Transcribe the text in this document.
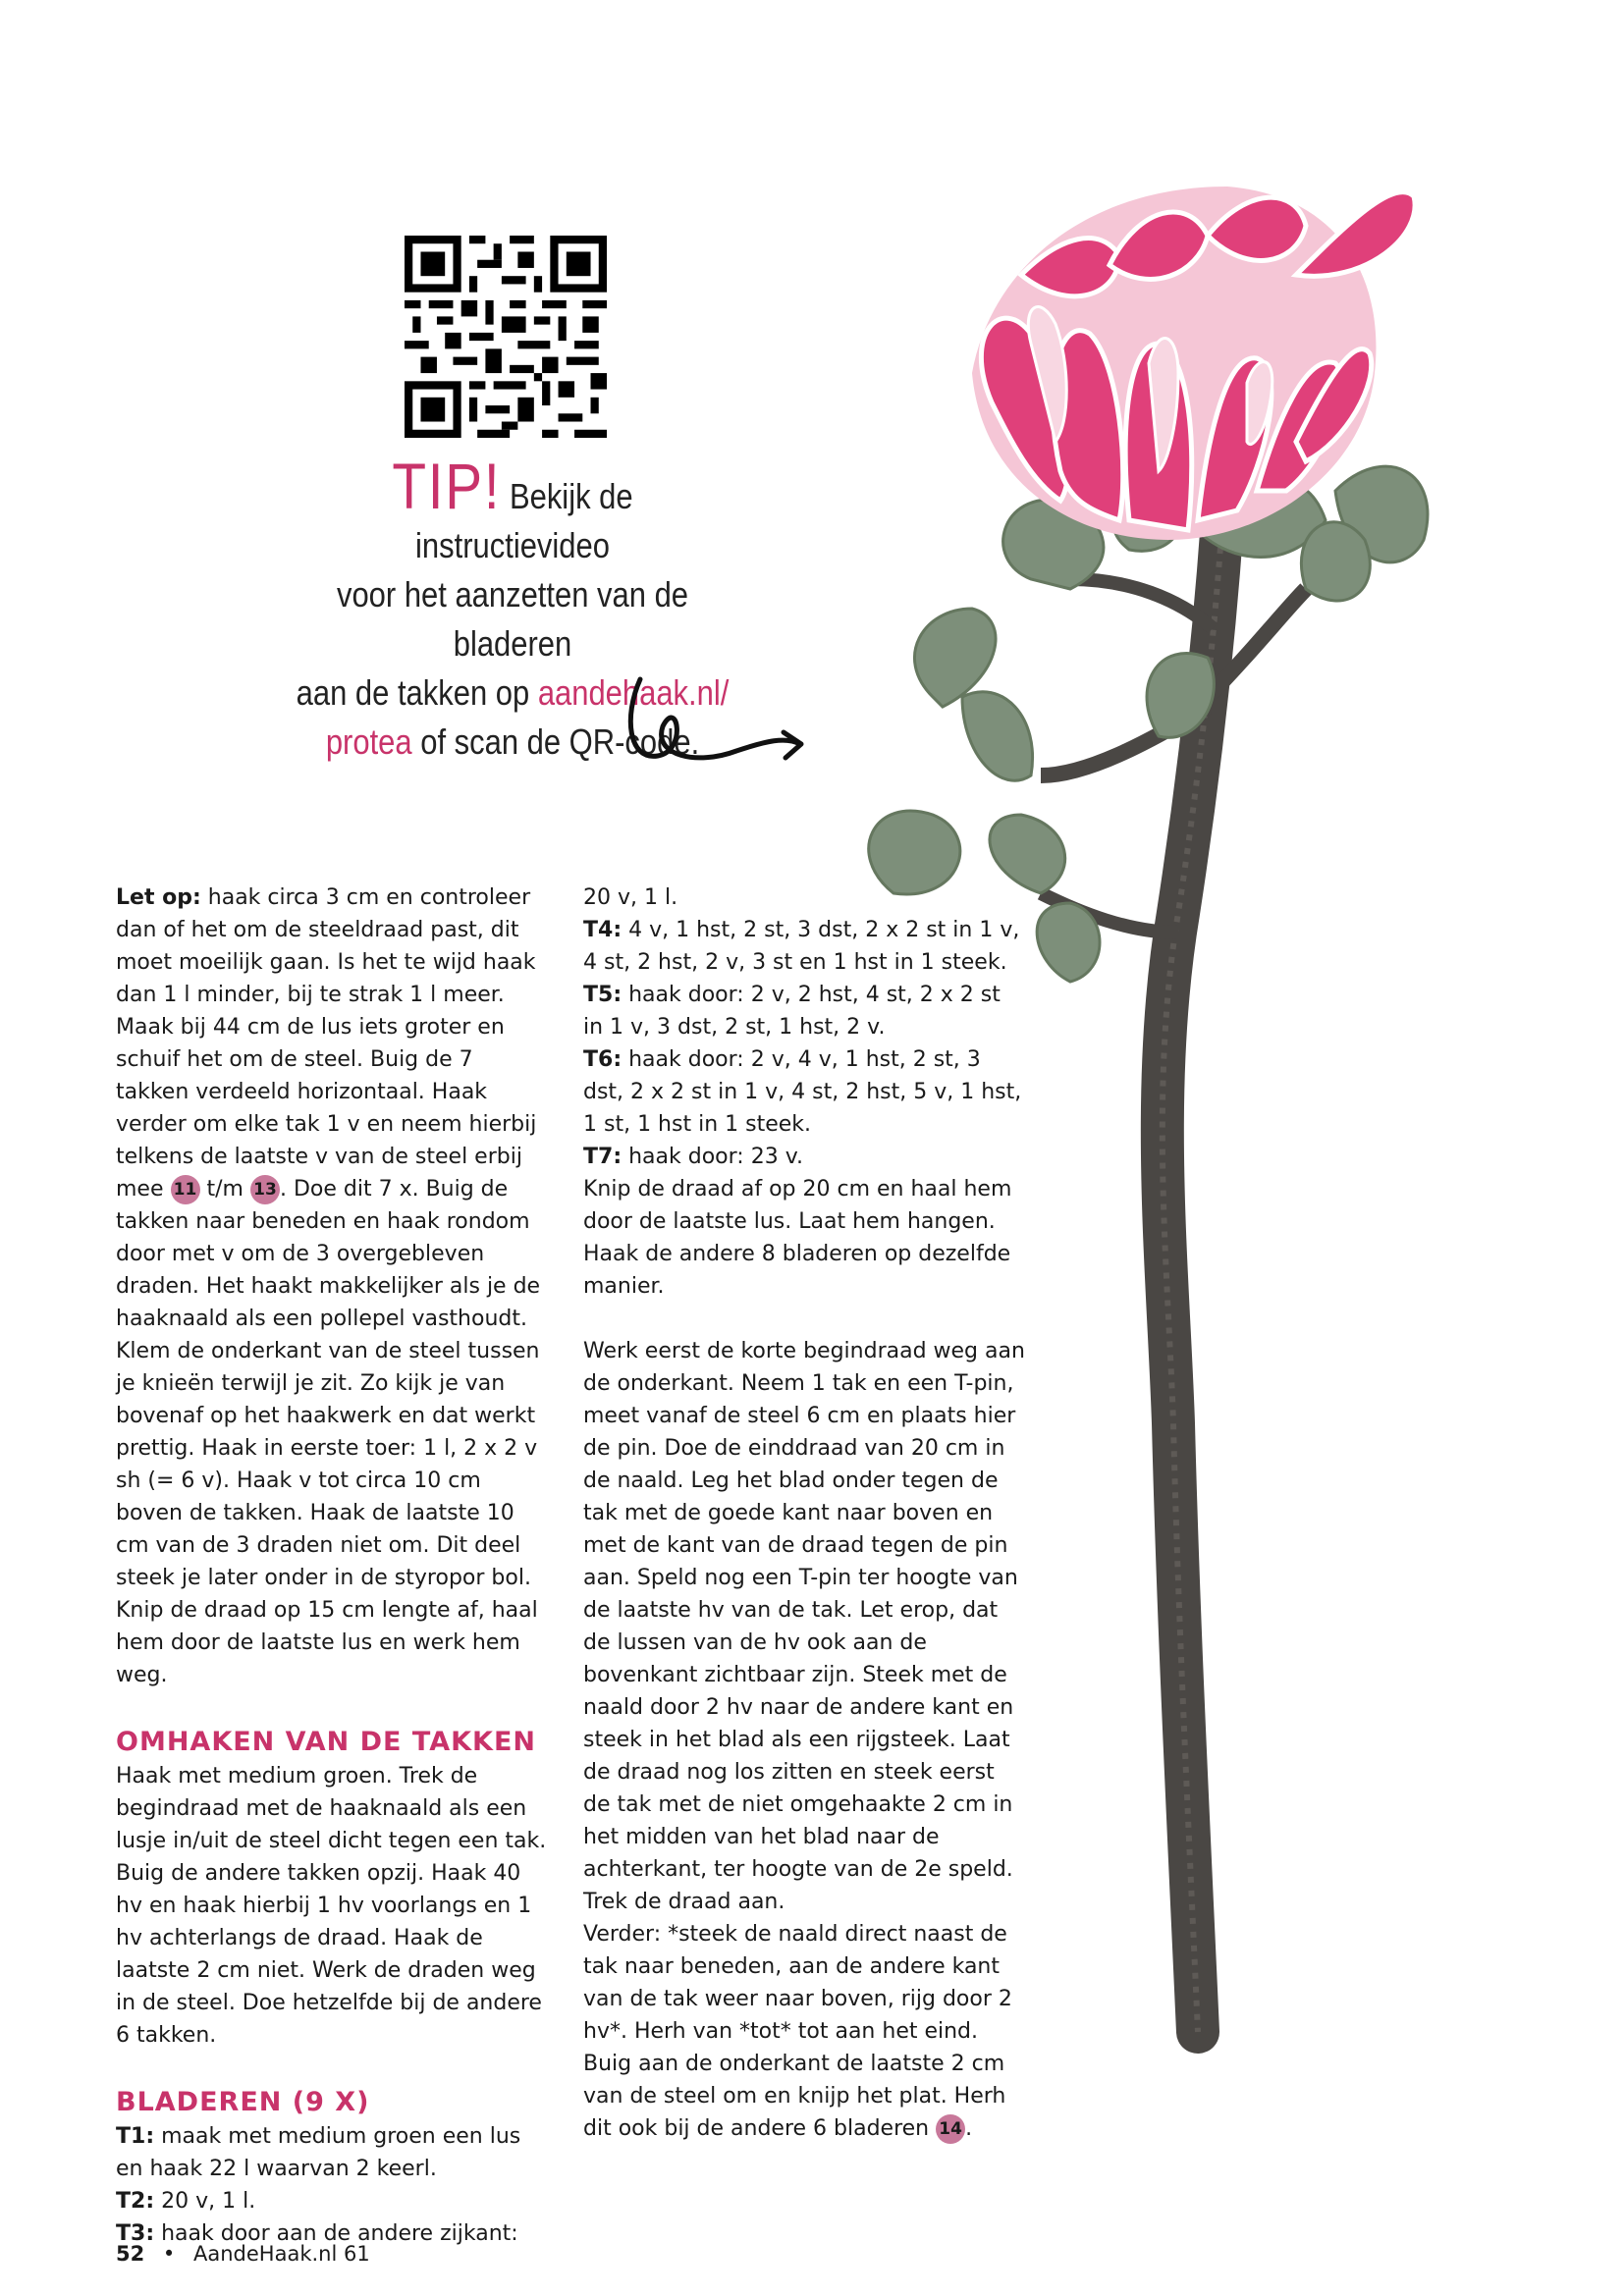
TIP! Bekijk de instructievideo
voor het aanzetten van de bladeren
aan de takken op aandehaak.nl/
protea of scan de QR-code.

Let op: haak circa 3 cm en controleer dan of het om de steeldraad past, dit moet moeilijk gaan. Is het te wijd haak dan 1 l minder, bij te strak 1 l meer. Maak bij 44 cm de lus iets groter en schuif het om de steel. Buig de 7 takken verdeeld horizontaal. Haak verder om elke tak 1 v en neem hierbij telkens de laatste v van de steel erbij mee 11 t/m 13 . Doe dit 7 x. Buig de takken naar beneden en haak rondom door met v om de 3 overgebleven draden. Het haakt makkelijker als je de haaknaald als een pollepel vasthoudt. Klem de onderkant van de steel tussen je knieën terwijl je zit. Zo kijk je van bovenaf op het haakwerk en dat werkt prettig. Haak in eerste toer: 1 l, 2 x 2 v sh (= 6 v). Haak v tot circa 10 cm boven de takken. Haak de laatste 10 cm van de 3 draden niet om. Dit deel steek je later onder in de styropor bol. Knip de draad op 15 cm lengte af, haal hem door de laatste lus en werk hem weg.

OMHAKEN VAN DE TAKKEN

Haak met medium groen. Trek de begindraad met de haaknaald als een lusje in/uit de steel dicht tegen een tak. Buig de andere takken opzij. Haak 40 hv en haak hierbij 1 hv voorlangs en 1 hv achterlangs de draad. Haak de laatste 2 cm niet. Werk de draden weg in de steel. Doe hetzelfde bij de andere 6 takken.

BLADEREN (9 X)

T1: maak met medium groen een lus en haak 22 l waarvan 2 keerl.

T2: 20 v, 1 l.

T3: haak door aan de andere zijkant:

20 v, 1 l.

T4: 4 v, 1 hst, 2 st, 3 dst, 2 x 2 st in 1 v, 4 st, 2 hst, 2 v, 3 st en 1 hst in 1 steek.

T5: haak door: 2 v, 2 hst, 4 st, 2 x 2 st in 1 v, 3 dst, 2 st, 1 hst, 2 v.

T6: haak door: 2 v, 4 v, 1 hst, 2 st, 3 dst, 2 x 2 st in 1 v, 4 st, 2 hst, 5 v, 1 hst, 1 st, 1 hst in 1 steek.

T7: haak door: 23 v.

Knip de draad af op 20 cm en haal hem door de laatste lus. Laat hem hangen. Haak de andere 8 bladeren op dezelfde manier.

Werk eerst de korte begindraad weg aan de onderkant. Neem 1 tak en een T-pin, meet vanaf de steel 6 cm en plaats hier de pin. Doe de einddraad van 20 cm in de naald. Leg het blad onder tegen de tak met de goede kant naar boven en met de kant van de draad tegen de pin aan. Speld nog een T-pin ter hoogte van de laatste hv van de tak. Let erop, dat de lussen van de hv ook aan de bovenkant zichtbaar zijn. Steek met de naald door 2 hv naar de andere kant en steek in het blad als een rijgsteek. Laat de draad nog los zitten en steek eerst de tak met de niet omgehaakte 2 cm in het midden van het blad naar de achterkant, ter hoogte van de 2e speld. Trek de draad aan.

Verder: *steek de naald direct naast de tak naar beneden, aan de andere kant van de tak weer naar boven, rijg door 2 hv*. Herh van *tot* tot aan het eind. Buig aan de onderkant de laatste 2 cm van de steel om en knijp het plat. Herh dit ook bij de andere 6 bladeren 14 .

52 • AandeHaak.nl 61
